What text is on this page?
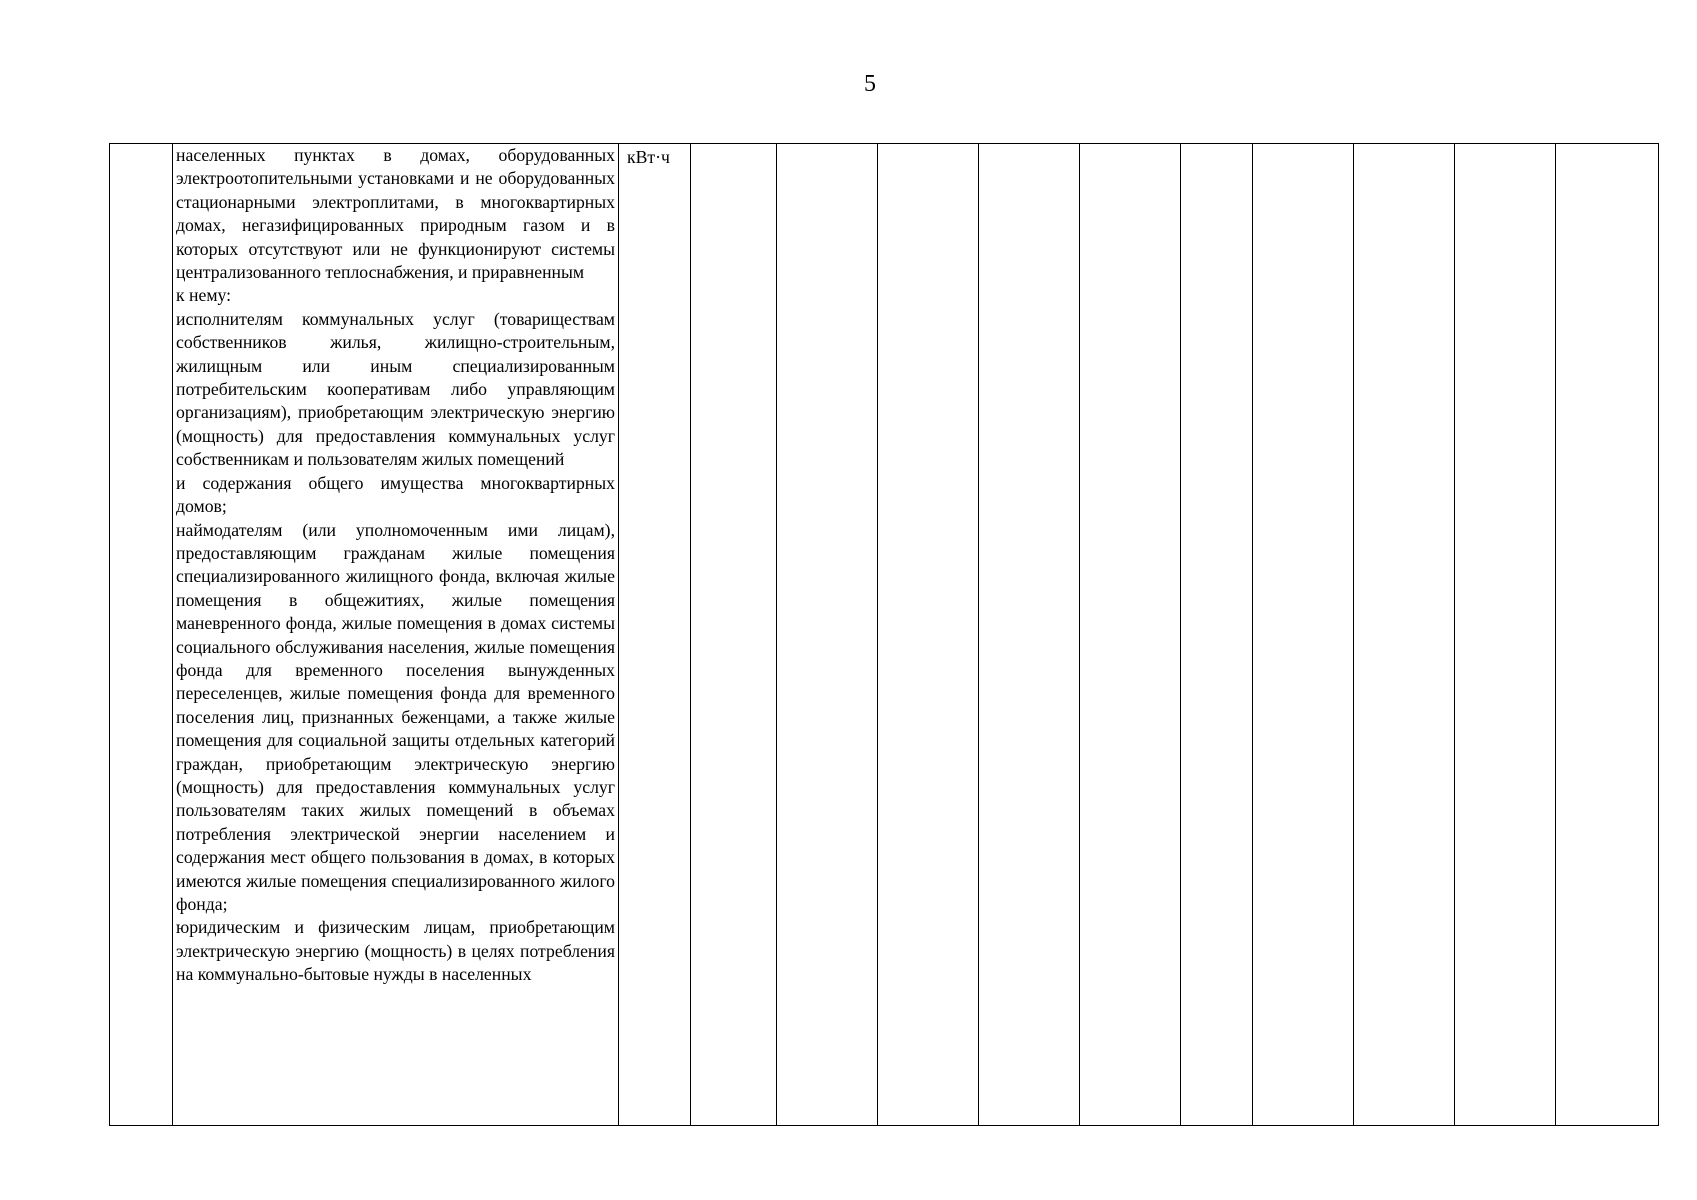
5

населенных пунктах в домах, оборудованных электроотопительными установками и не оборудованных стационарными электроплитами, в многоквартирных домах, негазифицированных природным газом и в которых отсутствуют или не функционируют системы централизованного теплоснабжения, и приравненным

к нему:

исполнителям коммунальных услуг (товариществам собственников жилья, жилищно-строительным, жилищным или иным специализированным потребительским кооперативам либо управляющим организациям), приобретающим электрическую энергию (мощность) для предоставления коммунальных услуг собственникам и пользователям жилых помещений

и содержания общего имущества многоквартирных домов;

наймодателям (или уполномоченным ими лицам), предоставляющим гражданам жилые помещения специализированного жилищного фонда, включая жилые помещения в общежитиях, жилые помещения маневренного фонда, жилые помещения в домах системы социального обслуживания населения, жилые помещения фонда для временного поселения вынужденных переселенцев, жилые помещения фонда для временного поселения лиц, признанных беженцами, а также жилые помещения для социальной защиты отдельных категорий граждан, приобретающим электрическую энергию (мощность) для предоставления коммунальных услуг пользователям таких жилых помещений в объемах потребления электрической энергии населением и содержания мест общего пользования в домах, в которых имеются жилые помещения специализированного жилого фонда;

юридическим и физическим лицам, приобретающим электрическую энергию (мощность) в целях потребления на коммунально-бытовые нужды в населенных

	кВт·ч										
